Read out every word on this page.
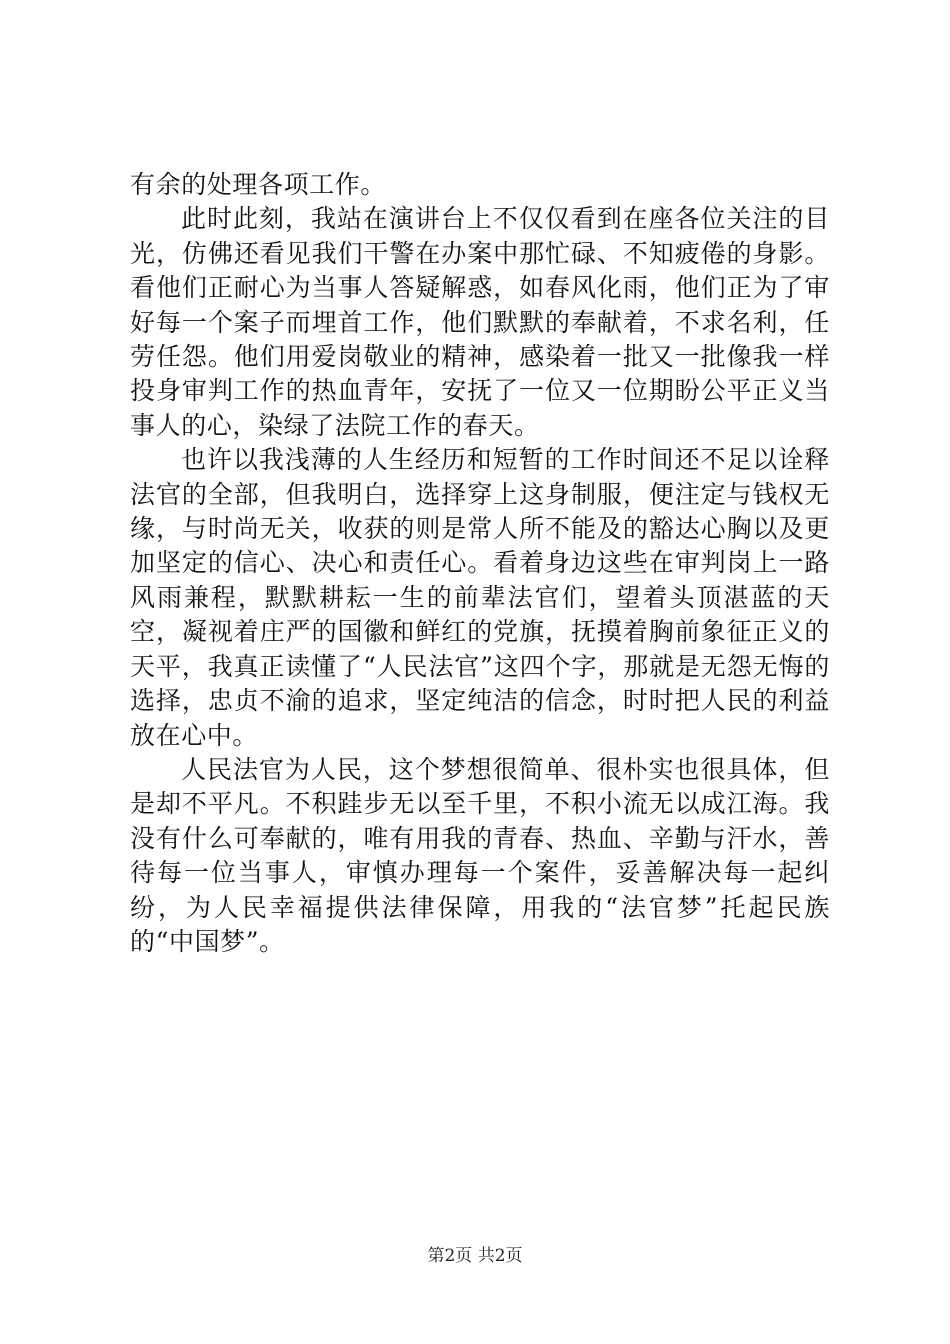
有余的处理各项工作。

此时此刻，我站在演讲台上不仅仅看到在座各位关注的目光，仿佛还看见我们干警在办案中那忙碌、不知疲倦的身影。看他们正耐心为当事人答疑解惑，如春风化雨，他们正为了审好每一个案子而埋首工作，他们默默的奉献着，不求名利，任劳任怨。他们用爱岗敬业的精神，感染着一批又一批像我一样投身审判工作的热血青年，安抚了一位又一位期盼公平正义当事人的心，染绿了法院工作的春天。

也许以我浅薄的人生经历和短暂的工作时间还不足以诠释法官的全部，但我明白，选择穿上这身制服，便注定与钱权无缘，与时尚无关，收获的则是常人所不能及的豁达心胸以及更加坚定的信心、决心和责任心。看着身边这些在审判岗上一路风雨兼程，默默耕耘一生的前辈法官们，望着头顶湛蓝的天空，凝视着庄严的国徽和鲜红的党旗，抚摸着胸前象征正义的天平，我真正读懂了“人民法官”这四个字，那就是无怨无悔的选择，忠贞不渝的追求，坚定纯洁的信念，时时把人民的利益放在心中。

人民法官为人民，这个梦想很简单、很朴实也很具体，但是却不平凡。不积跬步无以至千里，不积小流无以成江海。我没有什么可奉献的，唯有用我的青春、热血、辛勤与汗水，善待每一位当事人，审慎办理每一个案件，妥善解决每一起纠纷，为人民幸福提供法律保障，用我的“法官梦”托起民族的“中国梦”。

第2页 共2页
